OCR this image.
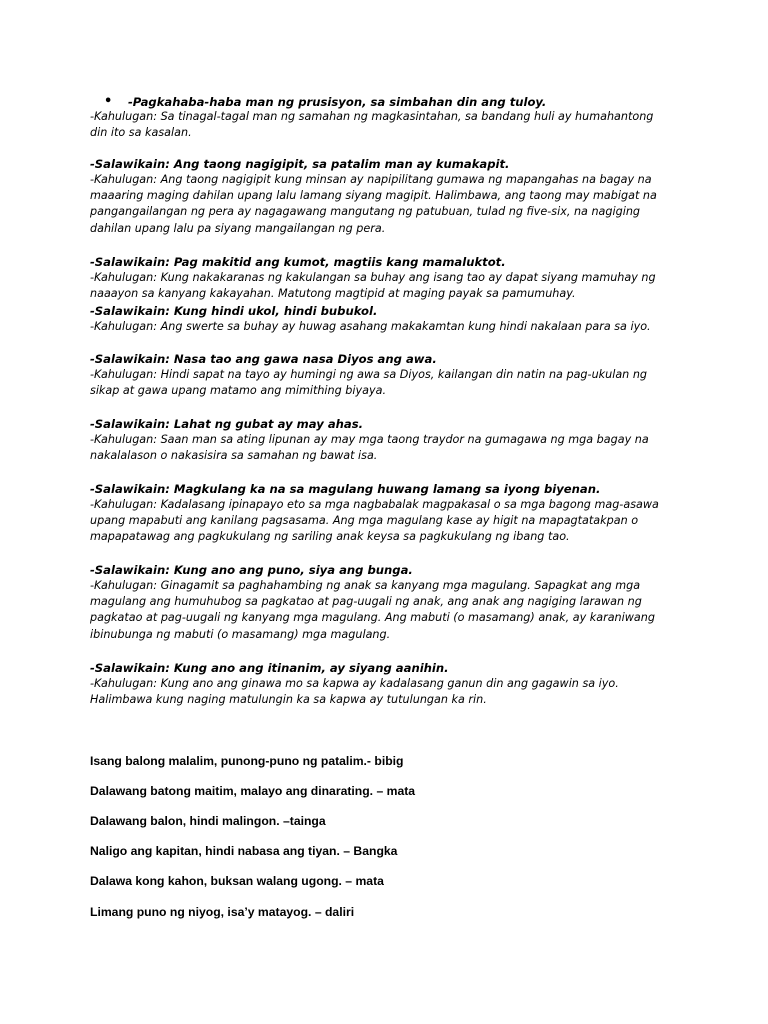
• -Pagkahaba-haba man ng prusisyon, sa simbahan din ang tuloy.

-Kahulugan: Sa tinagal-tagal man ng samahan ng magkasintahan, sa bandang huli ay humahantong

din ito sa kasalan.

-Salawikain: Ang taong nagigipit, sa patalim man ay kumakapit.

-Kahulugan: Ang taong nagigipit kung minsan ay napipilitang gumawa ng mapangahas na bagay na

maaaring maging dahilan upang lalu lamang siyang magipit. Halimbawa, ang taong may mabigat na

pangangailangan ng pera ay nagagawang mangutang ng patubuan, tulad ng five-six, na nagiging

dahilan upang lalu pa siyang mangailangan ng pera.

-Salawikain: Pag makitid ang kumot, magtiis kang mamaluktot.

-Kahulugan: Kung nakakaranas ng kakulangan sa buhay ang isang tao ay dapat siyang mamuhay ng

naaayon sa kanyang kakayahan. Matutong magtipid at maging payak sa pamumuhay.

-Salawikain: Kung hindi ukol, hindi bubukol.

-Kahulugan: Ang swerte sa buhay ay huwag asahang makakamtan kung hindi nakalaan para sa iyo.

-Salawikain: Nasa tao ang gawa nasa Diyos ang awa.

-Kahulugan: Hindi sapat na tayo ay humingi ng awa sa Diyos, kailangan din natin na pag-ukulan ng

sikap at gawa upang matamo ang mimithing biyaya.

-Salawikain: Lahat ng gubat ay may ahas.

-Kahulugan: Saan man sa ating lipunan ay may mga taong traydor na gumagawa ng mga bagay na

nakalalason o nakasisira sa samahan ng bawat isa.

-Salawikain: Magkulang ka na sa magulang huwang lamang sa iyong biyenan.

-Kahulugan: Kadalasang ipinapayo eto sa mga nagbabalak magpakasal o sa mga bagong mag-asawa

upang mapabuti ang kanilang pagsasama. Ang mga magulang kase ay higit na mapagtatakpan o

mapapatawag ang pagkukulang ng sariling anak keysa sa pagkukulang ng ibang tao.

-Salawikain: Kung ano ang puno, siya ang bunga.

-Kahulugan: Ginagamit sa paghahambing ng anak sa kanyang mga magulang. Sapagkat ang mga

magulang ang humuhubog sa pagkatao at pag-uugali ng anak, ang anak ang nagiging larawan ng

pagkatao at pag-uugali ng kanyang mga magulang. Ang mabuti (o masamang) anak, ay karaniwang

ibinubunga ng mabuti (o masamang) mga magulang.

-Salawikain: Kung ano ang itinanim, ay siyang aanihin.

-Kahulugan: Kung ano ang ginawa mo sa kapwa ay kadalasang ganun din ang gagawin sa iyo.

Halimbawa kung naging matulungin ka sa kapwa ay tutulungan ka rin.

Isang balong malalim, punong-puno ng patalim.- bibig

Dalawang batong maitim, malayo ang dinarating. – mata

Dalawang balon, hindi malingon. –tainga

Naligo ang kapitan, hindi nabasa ang tiyan. – Bangka

Dalawa kong kahon, buksan walang ugong. – mata

Limang puno ng niyog, isa’y matayog. – daliri
